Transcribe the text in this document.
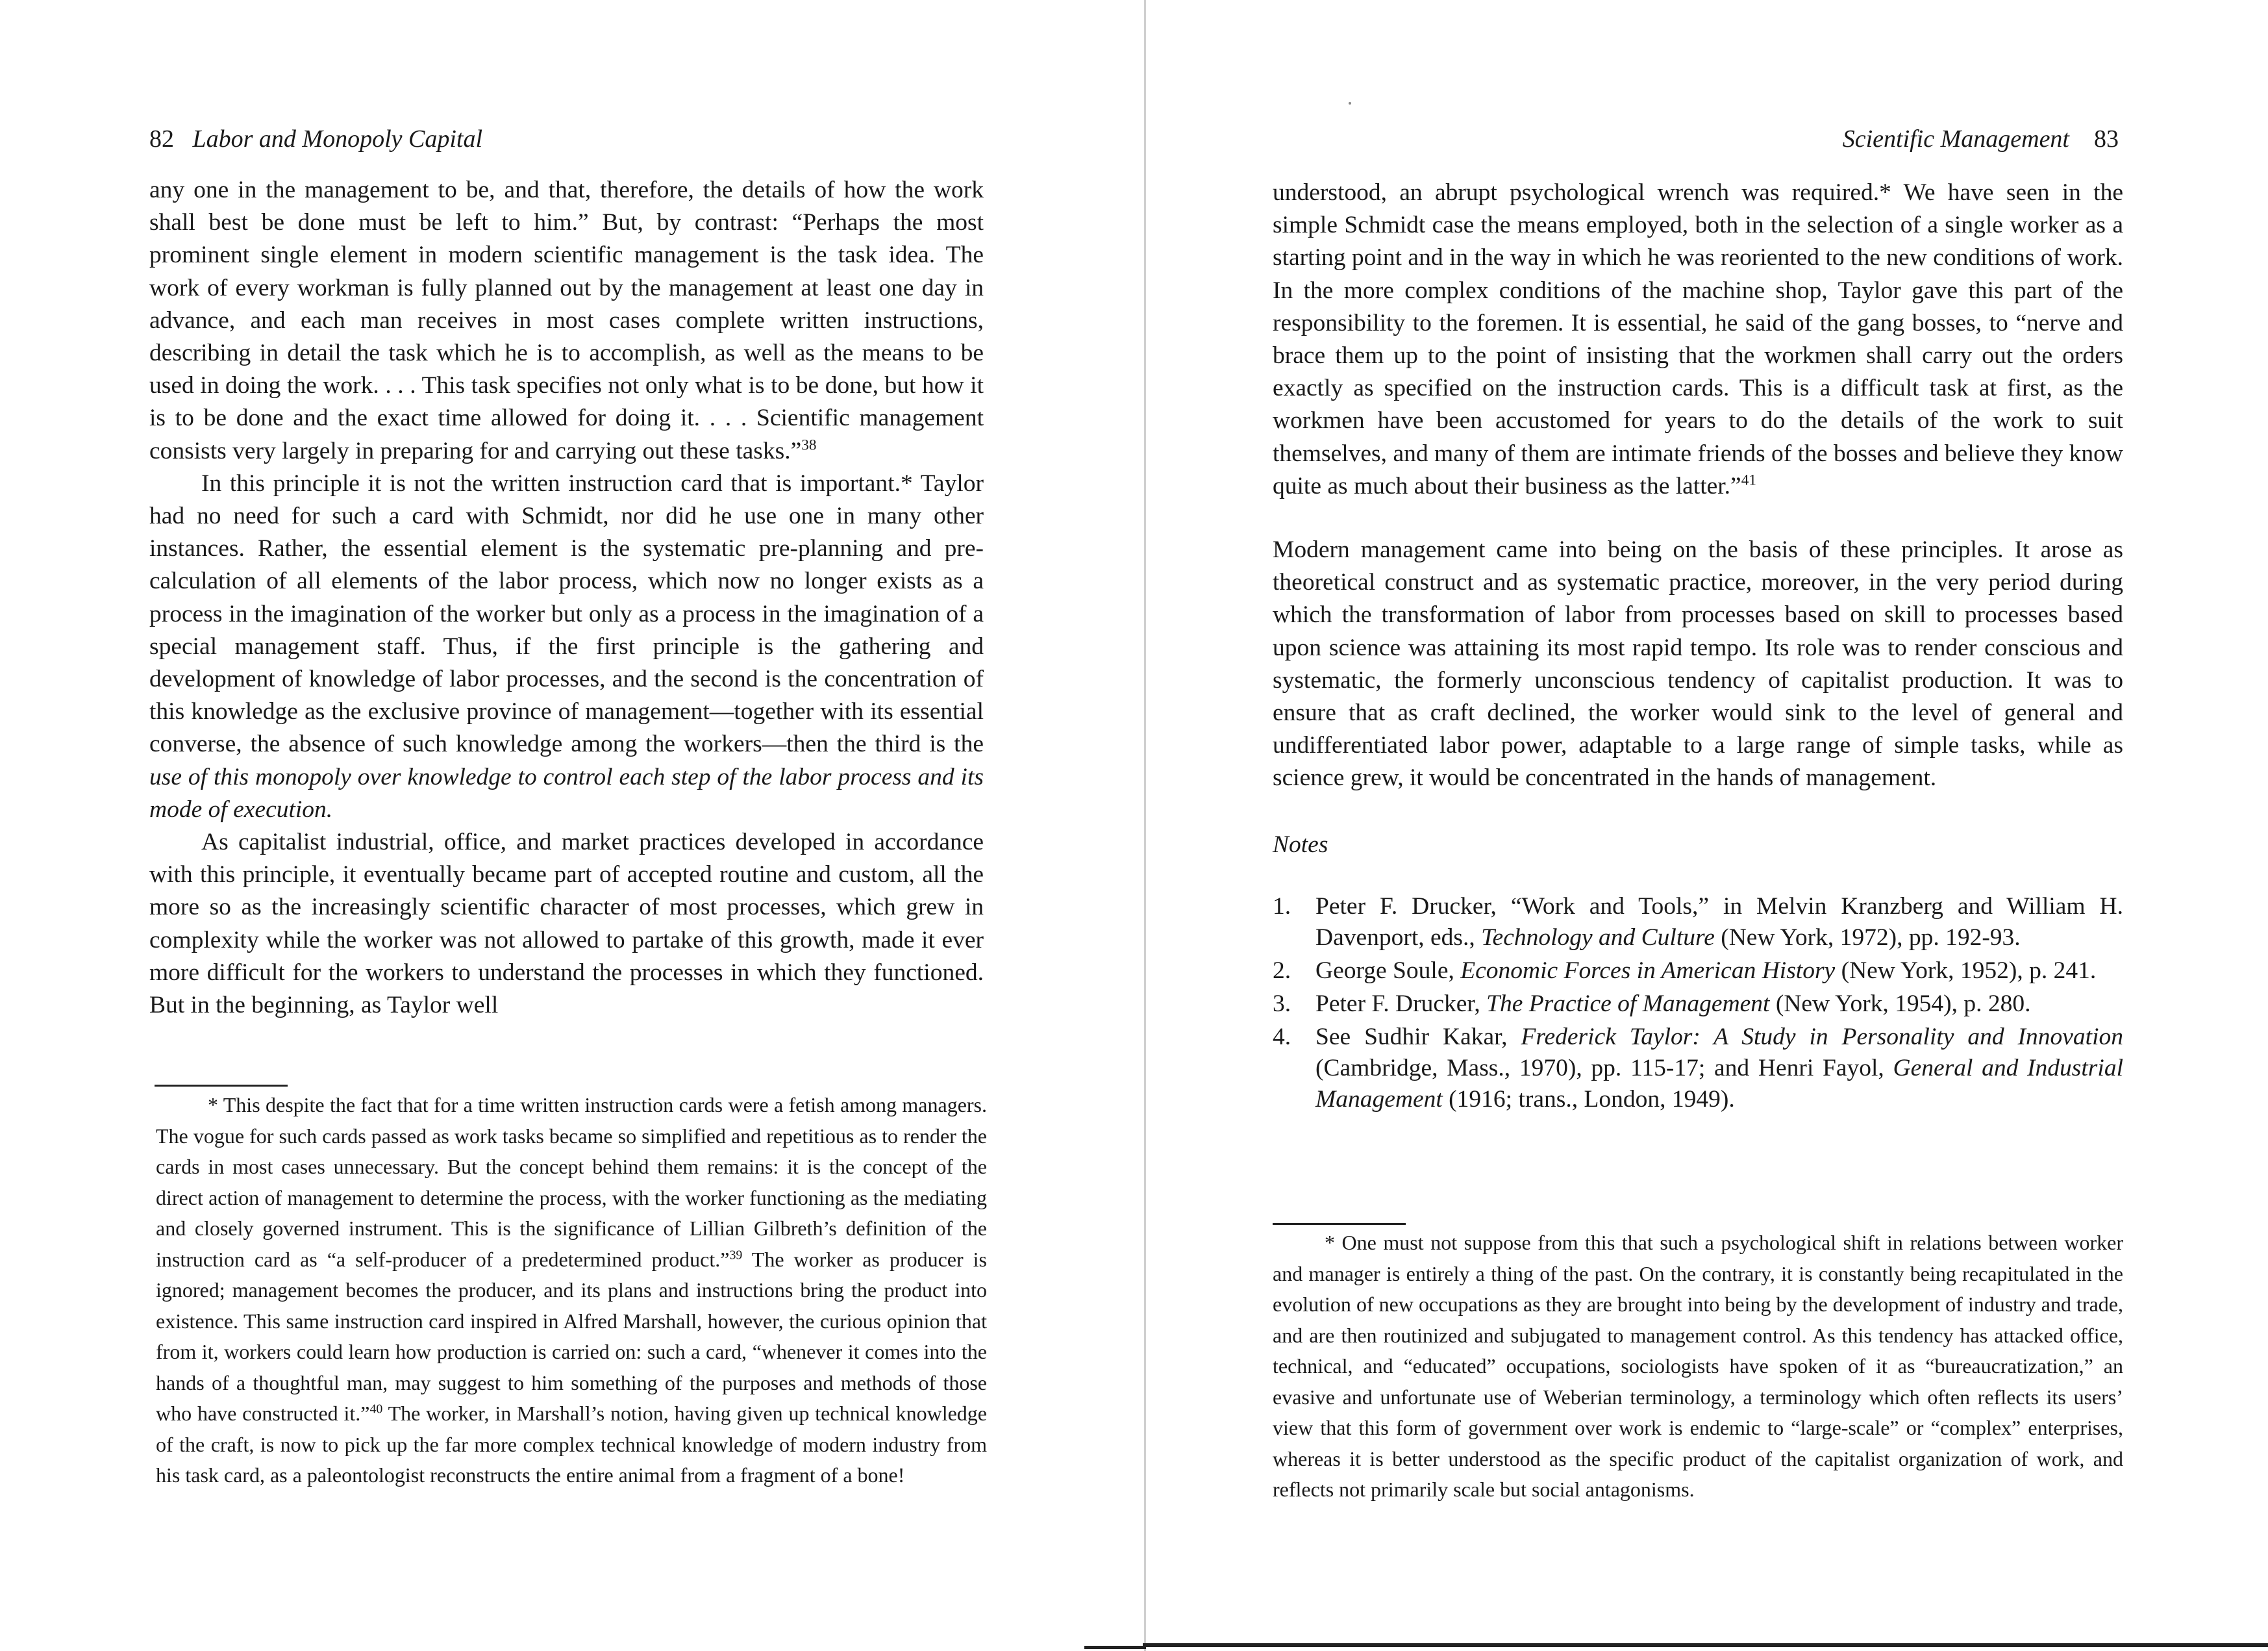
82 Labor and Monopoly Capital

any one in the management to be, and that, therefore, the details of how the work shall best be done must be left to him.” But, by contrast: “Perhaps the most prominent single element in modern scientific management is the task idea. The work of every workman is fully planned out by the management at least one day in advance, and each man receives in most cases complete written instructions, describing in detail the task which he is to accomplish, as well as the means to be used in doing the work. . . . This task specifies not only what is to be done, but how it is to be done and the exact time allowed for doing it. . . . Scientific management consists very largely in preparing for and carrying out these tasks.”$^{38}$

In this principle it is not the written instruction card that is important.* Taylor had no need for such a card with Schmidt, nor did he use one in many other instances. Rather, the essential element is the systematic pre-planning and pre-calculation of all elements of the labor process, which now no longer exists as a process in the imagination of the worker but only as a process in the imagination of a special management staff. Thus, if the first principle is the gathering and development of knowledge of labor processes, and the second is the concentration of this knowledge as the exclusive province of management—together with its essential converse, the absence of such knowledge among the workers—then the third is the use of this monopoly over knowledge to control each step of the labor process and its mode of execution.

As capitalist industrial, office, and market practices developed in accordance with this principle, it eventually became part of accepted routine and custom, all the more so as the increasingly scientific character of most processes, which grew in complexity while the worker was not allowed to partake of this growth, made it ever more difficult for the workers to understand the processes in which they functioned. But in the beginning, as Taylor well

* This despite the fact that for a time written instruction cards were a fetish among managers. The vogue for such cards passed as work tasks became so simplified and repetitious as to render the cards in most cases unnecessary. But the concept behind them remains: it is the concept of the direct action of management to determine the process, with the worker functioning as the mediating and closely governed instrument. This is the significance of Lillian Gilbreth’s definition of the instruction card as “a self-producer of a predetermined product.”$^{39}$ The worker as producer is ignored; management becomes the producer, and its plans and instructions bring the product into existence. This same instruction card inspired in Alfred Marshall, however, the curious opinion that from it, workers could learn how production is carried on: such a card, “whenever it comes into the hands of a thoughtful man, may suggest to him something of the purposes and methods of those who have constructed it.”$^{40}$ The worker, in Marshall’s notion, having given up technical knowledge of the craft, is now to pick up the far more complex technical knowledge of modern industry from his task card, as a paleontologist reconstructs the entire animal from a fragment of a bone!

Scientific Management 83

understood, an abrupt psychological wrench was required.* We have seen in the simple Schmidt case the means employed, both in the selection of a single worker as a starting point and in the way in which he was reoriented to the new conditions of work. In the more complex conditions of the machine shop, Taylor gave this part of the responsibility to the foremen. It is essential, he said of the gang bosses, to “nerve and brace them up to the point of insisting that the workmen shall carry out the orders exactly as specified on the instruction cards. This is a difficult task at first, as the workmen have been accustomed for years to do the details of the work to suit themselves, and many of them are intimate friends of the bosses and believe they know quite as much about their business as the latter.”$^{41}$

Modern management came into being on the basis of these principles. It arose as theoretical construct and as systematic practice, moreover, in the very period during which the transformation of labor from processes based on skill to processes based upon science was attaining its most rapid tempo. Its role was to render conscious and systematic, the formerly unconscious tendency of capitalist production. It was to ensure that as craft declined, the worker would sink to the level of general and undifferentiated labor power, adaptable to a large range of simple tasks, while as science grew, it would be concentrated in the hands of management.

Notes

1. Peter F. Drucker, “Work and Tools,” in Melvin Kranzberg and William H. Davenport, eds., Technology and Culture (New York, 1972), pp. 192-93.
2. George Soule, Economic Forces in American History (New York, 1952), p. 241.
3. Peter F. Drucker, The Practice of Management (New York, 1954), p. 280.
4. See Sudhir Kakar, Frederick Taylor: A Study in Personality and Innovation (Cambridge, Mass., 1970), pp. 115-17; and Henri Fayol, General and Industrial Management (1916; trans., London, 1949).

* One must not suppose from this that such a psychological shift in relations between worker and manager is entirely a thing of the past. On the contrary, it is constantly being recapitulated in the evolution of new occupations as they are brought into being by the development of industry and trade, and are then routinized and subjugated to management control. As this tendency has attacked office, technical, and “educated” occupations, sociologists have spoken of it as “bureaucratization,” an evasive and unfortunate use of Weberian terminology, a terminology which often reflects its users’ view that this form of government over work is endemic to “large-scale” or “complex” enterprises, whereas it is better understood as the specific product of the capitalist organization of work, and reflects not primarily scale but social antagonisms.
